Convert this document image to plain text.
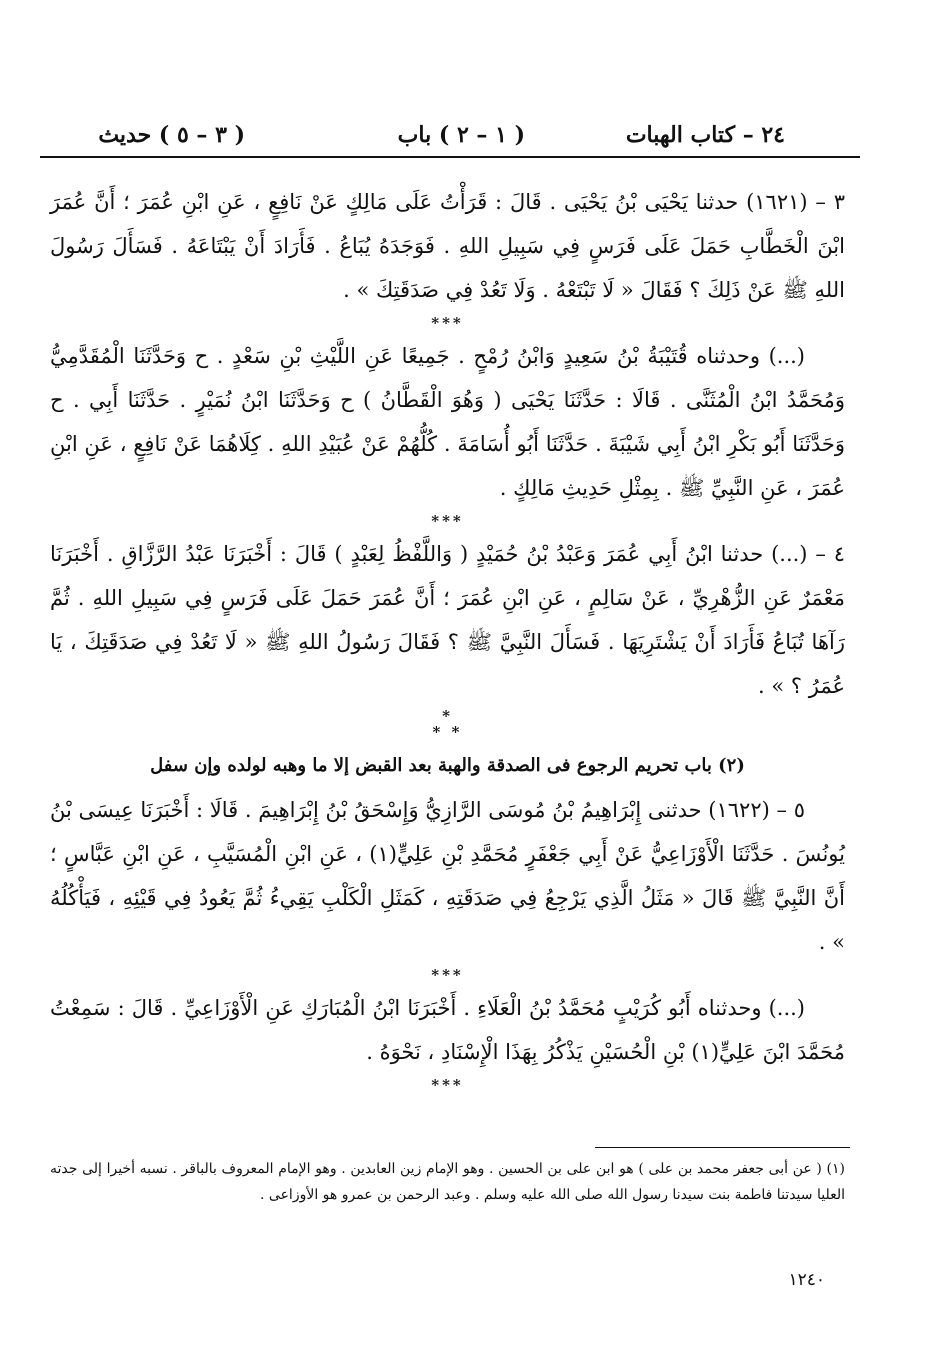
٢٤ – كتاب الهبات
( ١ – ٢ ) باب
( ٣ – ٥ ) حديث

٣ – (١٦٢١) حدثنا يَحْيَى بْنُ يَحْيَى . قَالَ : قَرَأْتُ عَلَى مَالِكٍ عَنْ نَافِعٍ ، عَنِ ابْنِ عُمَرَ ؛ أَنَّ عُمَرَ ابْنَ الْخَطَّابِ حَمَلَ عَلَى فَرَسٍ فِي سَبِيلِ اللهِ . فَوَجَدَهُ يُبَاعُ . فَأَرَادَ أَنْ يَبْتَاعَهُ . فَسَأَلَ رَسُولَ اللهِ ﷺ عَنْ ذَلِكَ ؟ فَقَالَ « لَا تَبْتَعْهُ . وَلَا تَعُدْ فِي صَدَقَتِكَ » .

***

(...) وحدثناه قُتَيْبَةُ بْنُ سَعِيدٍ وَابْنُ رُمْحٍ . جَمِيعًا عَنِ اللَّيْثِ بْنِ سَعْدٍ . ح وَحَدَّثَنَا الْمُقَدَّمِيُّ وَمُحَمَّدُ ابْنُ الْمُثَنَّى . قَالَا : حَدَّثَنَا يَحْيَى ( وَهُوَ الْقَطَّانُ ) ح وَحَدَّثَنَا ابْنُ نُمَيْرٍ . حَدَّثَنَا أَبِي . ح وَحَدَّثَنَا أَبُو بَكْرِ ابْنُ أَبِي شَيْبَةَ . حَدَّثَنَا أَبُو أُسَامَةَ . كُلُّهُمْ عَنْ عُبَيْدِ اللهِ . كِلَاهُمَا عَنْ نَافِعٍ ، عَنِ ابْنِ عُمَرَ ، عَنِ النَّبِيِّ ﷺ . بِمِثْلِ حَدِيثِ مَالِكٍ .

***

٤ – (...) حدثنا ابْنُ أَبِي عُمَرَ وَعَبْدُ بْنُ حُمَيْدٍ ( وَاللَّفْظُ لِعَبْدٍ ) قَالَ : أَخْبَرَنَا عَبْدُ الرَّزَّاقِ . أَخْبَرَنَا مَعْمَرٌ عَنِ الزُّهْرِيِّ ، عَنْ سَالِمٍ ، عَنِ ابْنِ عُمَرَ ؛ أَنَّ عُمَرَ حَمَلَ عَلَى فَرَسٍ فِي سَبِيلِ اللهِ . ثُمَّ رَآهَا تُبَاعُ فَأَرَادَ أَنْ يَشْتَرِيَهَا . فَسَأَلَ النَّبِيَّ ﷺ ؟ فَقَالَ رَسُولُ اللهِ ﷺ « لَا تَعُدْ فِي صَدَقَتِكَ ، يَا عُمَرُ ؟ » .

*
* *

(٢) باب تحريم الرجوع فى الصدقة والهبة بعد القبض إلا ما وهبه لولده وإن سفل

٥ – (١٦٢٢) حدثنى إِبْرَاهِيمُ بْنُ مُوسَى الرَّازِيُّ وَإِسْحَقُ بْنُ إِبْرَاهِيمَ . قَالَا : أَخْبَرَنَا عِيسَى بْنُ يُونُسَ . حَدَّثَنَا الْأَوْزَاعِيُّ عَنْ أَبِي جَعْفَرٍ مُحَمَّدِ بْنِ عَلِيٍّ(١) ، عَنِ ابْنِ الْمُسَيَّبِ ، عَنِ ابْنِ عَبَّاسٍ ؛ أَنَّ النَّبِيَّ ﷺ قَالَ « مَثَلُ الَّذِي يَرْجِعُ فِي صَدَقَتِهِ ، كَمَثَلِ الْكَلْبِ يَقِيءُ ثُمَّ يَعُودُ فِي قَيْئِهِ ، فَيَأْكُلُهُ » .

***

(...) وحدثناه أَبُو كُرَيْبٍ مُحَمَّدُ بْنُ الْعَلَاءِ . أَخْبَرَنَا ابْنُ الْمُبَارَكِ عَنِ الْأَوْزَاعِيِّ . قَالَ : سَمِعْتُ مُحَمَّدَ ابْنَ عَلِيٍّ(١) بْنِ الْحُسَيْنِ يَذْكُرُ بِهَذَا الْإِسْنَادِ ، نَحْوَهُ .

***

(١) ( عن أبى جعفر محمد بن على ) هو ابن على بن الحسين . وهو الإمام زين العابدين . وهو الإمام المعروف بالباقر . نسبه أخيرا إلى جدته العليا سيدتنا فاطمة بنت سيدنا رسول الله صلى الله عليه وسلم . وعبد الرحمن بن عمرو هو الأوزاعى .
١٢٤٠
